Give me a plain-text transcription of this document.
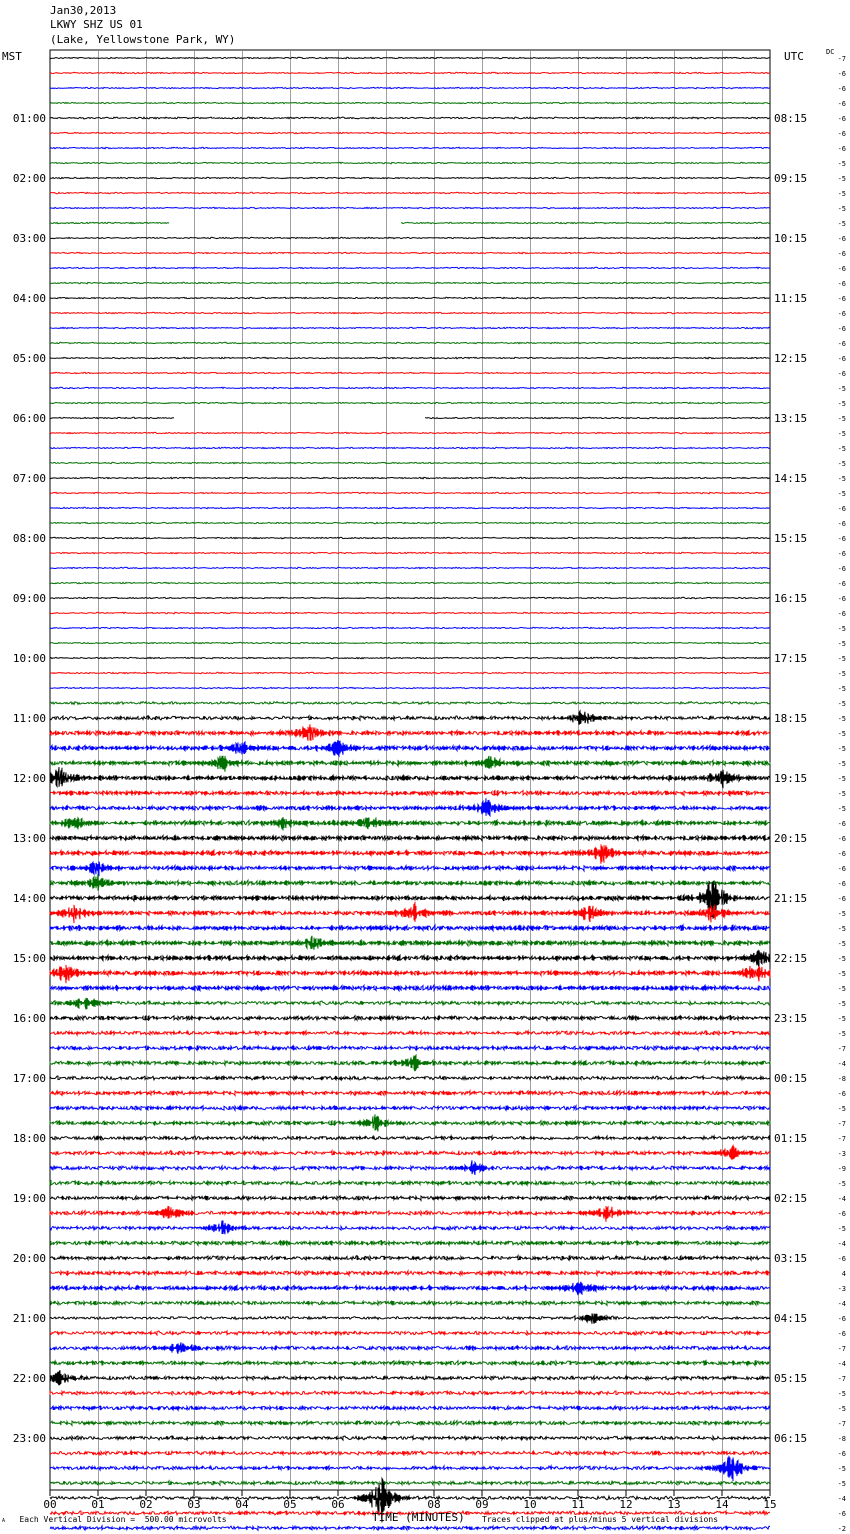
Jan30,2013
LKWY SHZ US 01
(Lake, Yellowstone Park, WY)
MST	UTC	DC
01:00
02:00
03:00
04:00
05:00
06:00
07:00
08:00
09:00
10:00
11:00
12:00
13:00
14:00
15:00
16:00
17:00
18:00
19:00
20:00
21:00
22:00
23:00
08:15
09:15
10:15
11:15
12:15
13:15
14:15
15:15
16:15
17:15
18:15
19:15
20:15
21:15
22:15
23:15
00:15
01:15
02:15
03:15
04:15
05:15
06:15
-7
-6
-6
-6
-6
-6
-6
-5
-5
-5
-5
-5
-6
-6
-6
-6
-6
-6
-6
-6
-6
-6
-5
-5
-5
-5
-5
-5
-5
-5
-6
-6
-6
-6
-6
-6
-6
-6
-5
-5
-5
-5
-5
-5
-5
-5
-5
-5
-5
-5
-5
-6
-6
-6
-6
-6
-6
-5
-5
-5
-5
-5
-5
-5
-5
-5
-7
-4
-8
-6
-5
-7
-7
-3
-9
-5
-4
-6
-5
-4
-6
4
-3
-4
-6
-6
-7
-4
-7
-5
-5
-7
-8
-6
-5
-5
-4
-6
-2
00	01	02	03	04	05	06	07	08	09	10	11	12	13	14	15
A Each Vertical Division =  500.00 microvolts	TIME (MINUTES) Traces clipped at plus/minus 5 vertical divisions
